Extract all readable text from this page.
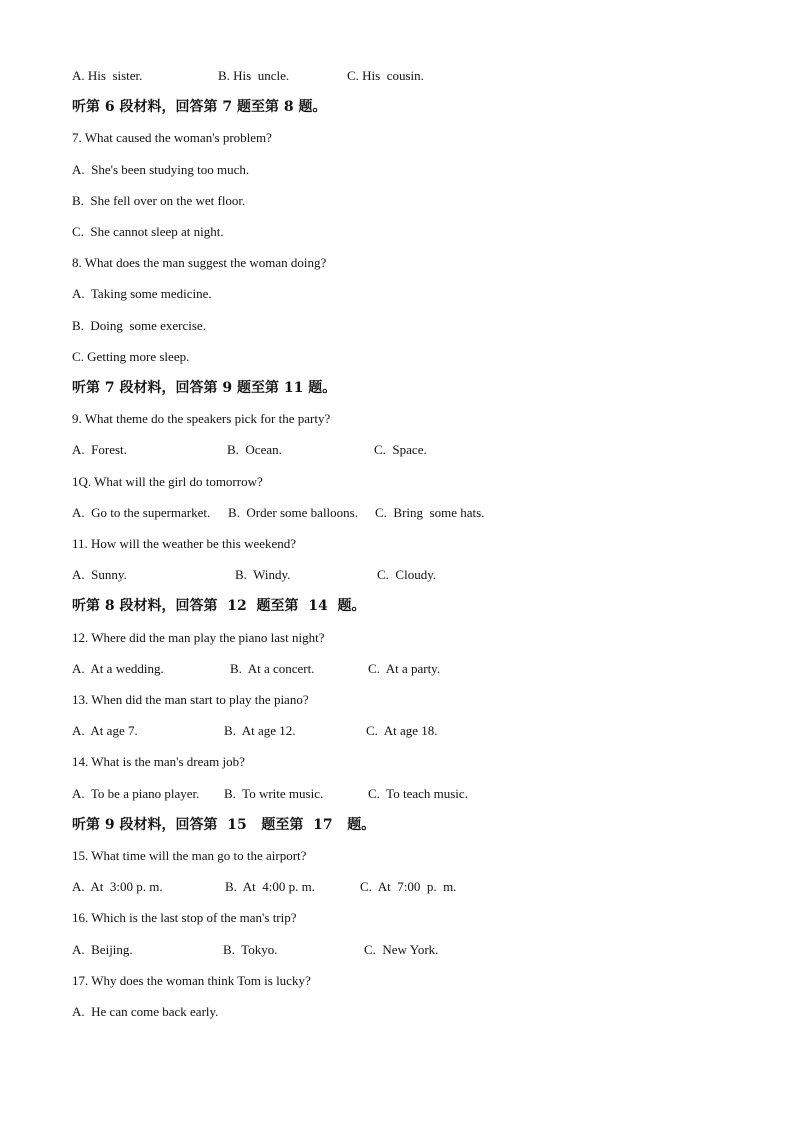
A. His  sister.	B. His  uncle.	C. His  cousin.
听第 6 段材料，回答第 7 题至第 8 题。
7. What caused the woman's problem?
A.  She's been studying too much.
B.  She fell over on the wet floor.
C.  She cannot sleep at night.
8. What does the man suggest the woman doing?
A.  Taking some medicine.
B.  Doing  some exercise.
C. Getting more sleep.
听第 7 段材料，回答第 9 题至第 11 题。
9. What theme do the speakers pick for the party?
A.  Forest.	B.  Ocean.	C.  Space.
1Q. What will the girl do tomorrow?
A.  Go to the supermarket. B.  Order some balloons. C.  Bring  some hats.
11. How will the weather be this weekend?
A.  Sunny.	B.  Windy.	C.  Cloudy.
听第 8 段材料，回答第  12  题至第  14  题。
12. Where did the man play the piano last night?
A.  At a wedding.	B.  At a concert.	C.  At a party.
13. When did the man start to play the piano?
A.  At age 7.	B.  At age 12.	C.  At age 18.
14. What is the man's dream job?
A.  To be a piano player. B.  To write music.	C.  To teach music.
听第 9 段材料，回答第  15   题至第  17   题。
15. What time will the man go to the airport?
A.  At  3:00 p. m.	B.  At  4:00 p. m.	C.  At  7:00  p.  m.
16. Which is the last stop of the man's trip?
A.  Beijing.	B.  Tokyo.	C.  New York.
17. Why does the woman think Tom is lucky?
A.  He can come back early.
